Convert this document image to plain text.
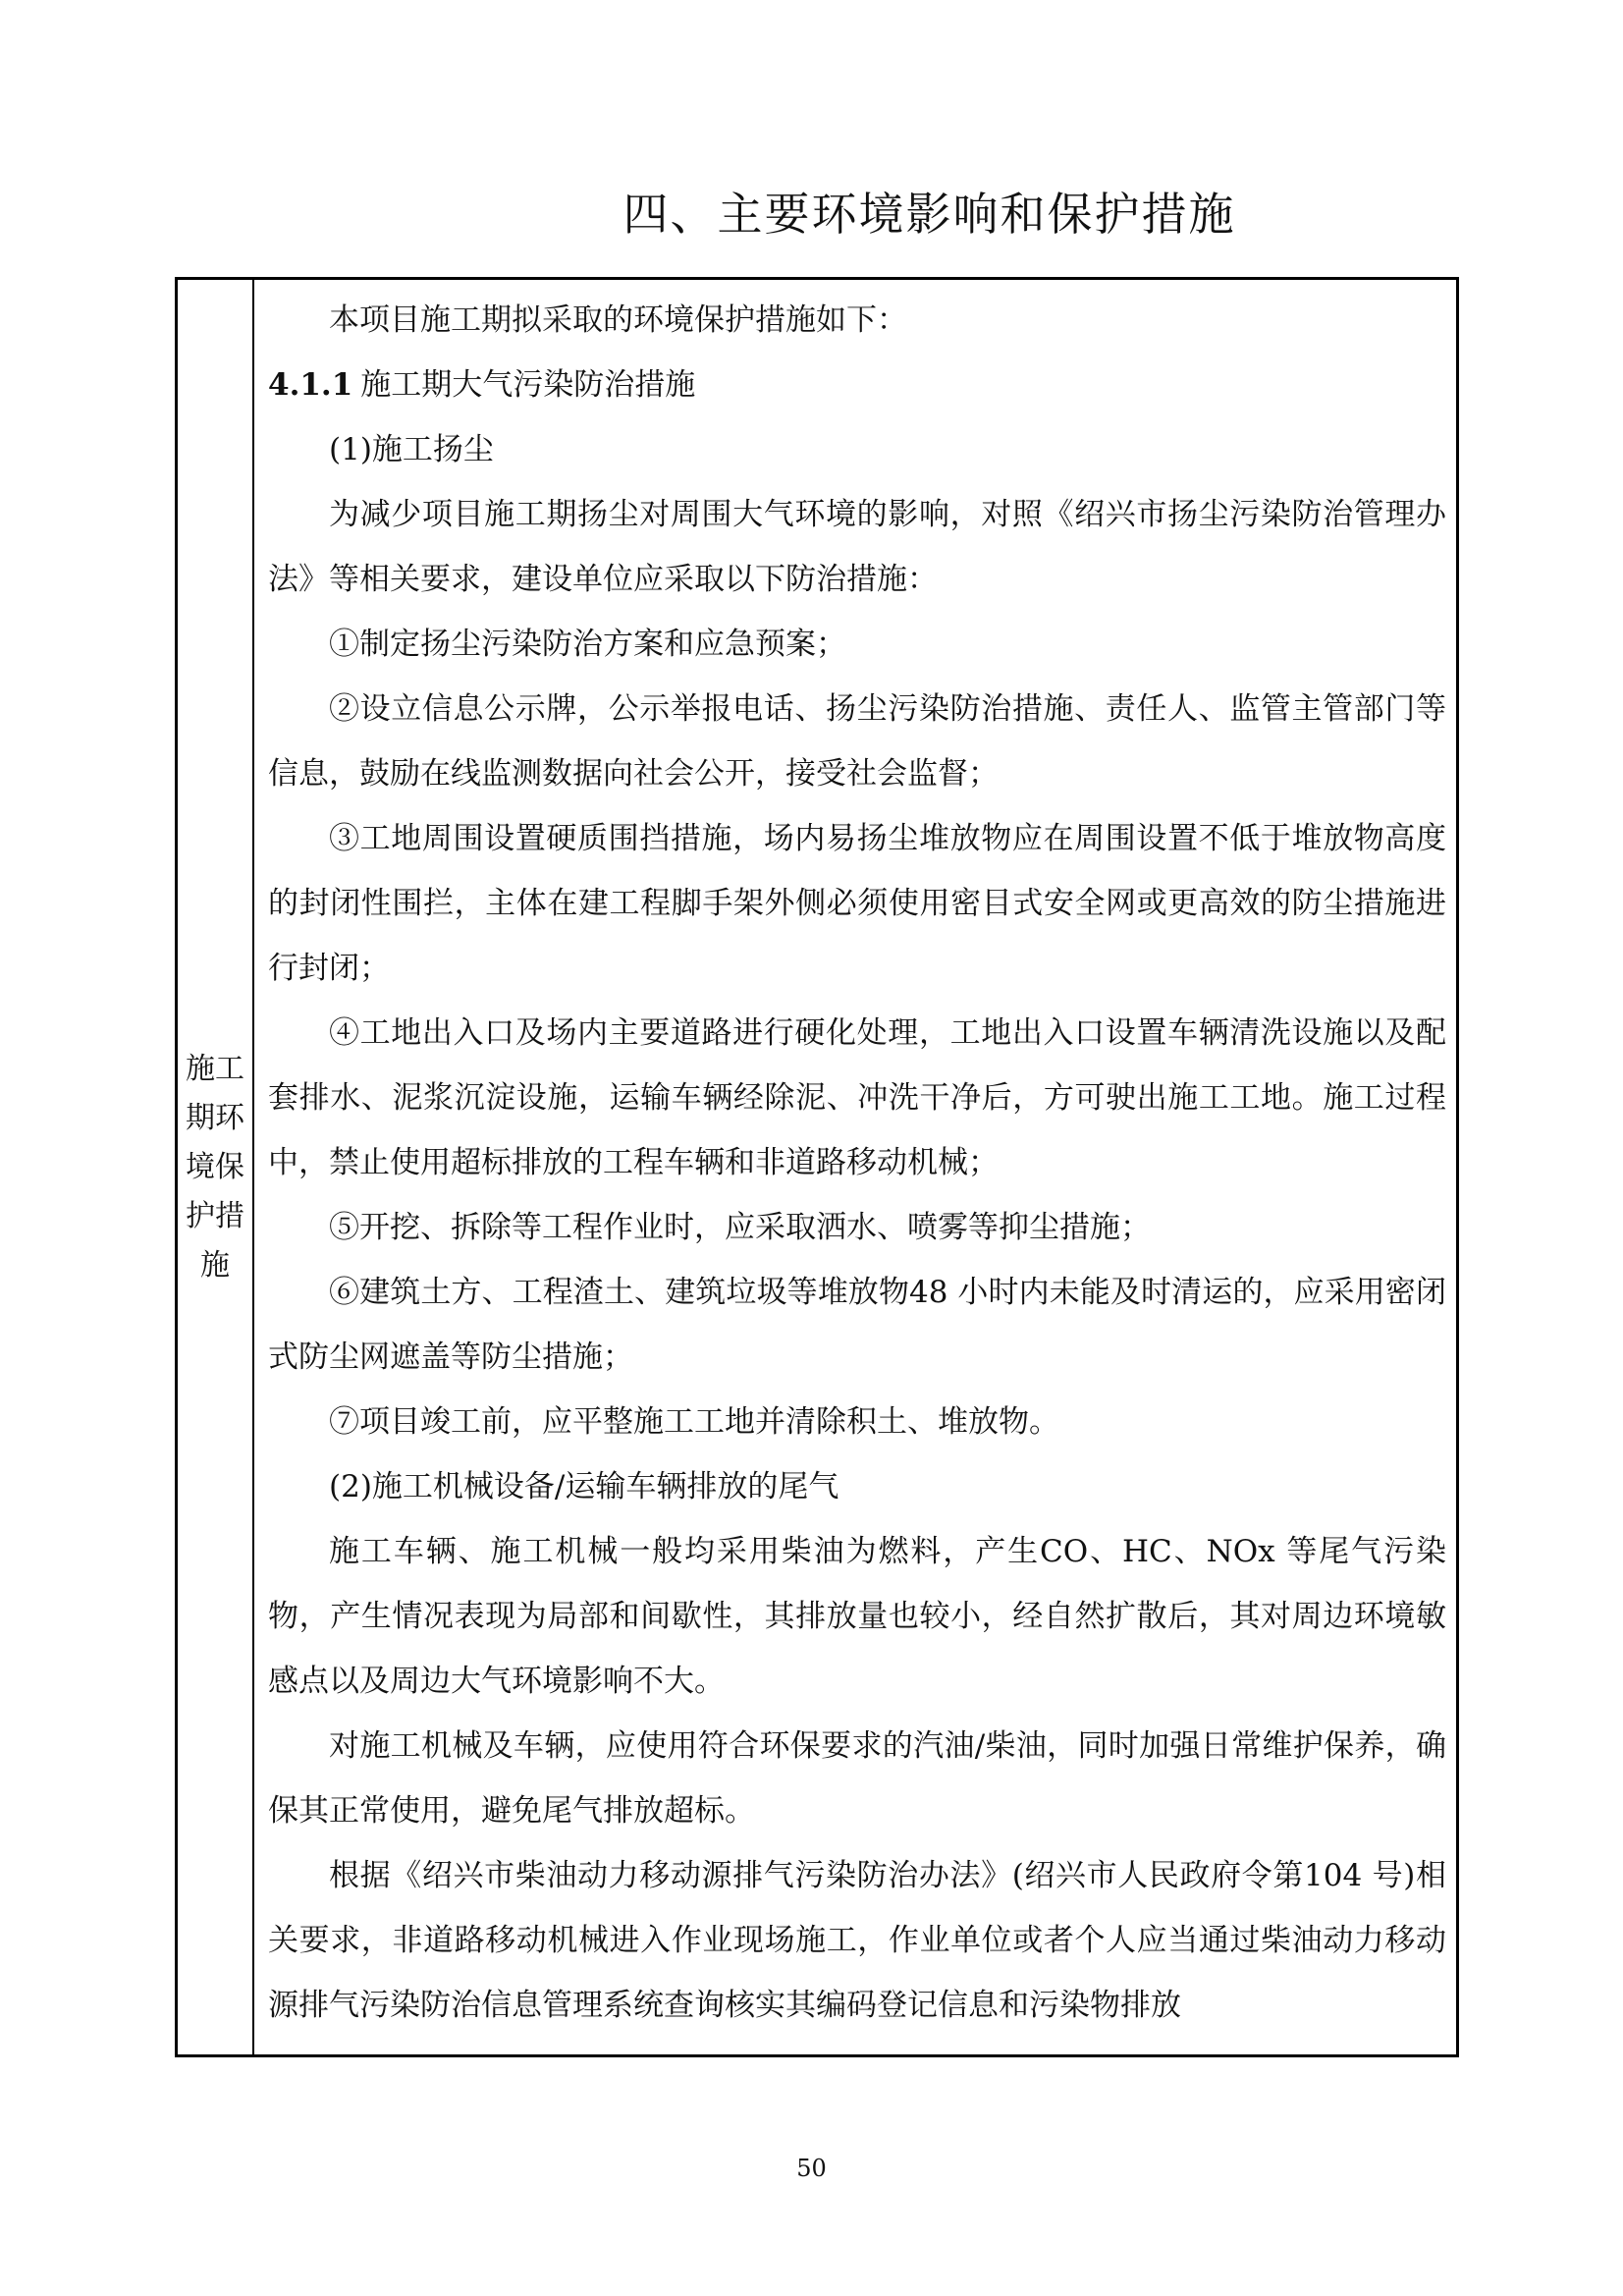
四、主要环境影响和保护措施
施工期环境保护措施

本项目施工期拟采取的环境保护措施如下：

4.1.1 施工期大气污染防治措施

(1)施工扬尘

为减少项目施工期扬尘对周围大气环境的影响，对照《绍兴市扬尘污染防治管理办法》等相关要求，建设单位应采取以下防治措施：

①制定扬尘污染防治方案和应急预案；

②设立信息公示牌，公示举报电话、扬尘污染防治措施、责任人、监管主管部门等信息，鼓励在线监测数据向社会公开，接受社会监督；

③工地周围设置硬质围挡措施，场内易扬尘堆放物应在周围设置不低于堆放物高度的封闭性围拦，主体在建工程脚手架外侧必须使用密目式安全网或更高效的防尘措施进行封闭；

④工地出入口及场内主要道路进行硬化处理，工地出入口设置车辆清洗设施以及配套排水、泥浆沉淀设施，运输车辆经除泥、冲洗干净后，方可驶出施工工地。施工过程中，禁止使用超标排放的工程车辆和非道路移动机械；

⑤开挖、拆除等工程作业时，应采取洒水、喷雾等抑尘措施；

⑥建筑土方、工程渣土、建筑垃圾等堆放物48 小时内未能及时清运的，应采用密闭式防尘网遮盖等防尘措施；

⑦项目竣工前，应平整施工工地并清除积土、堆放物。

(2)施工机械设备/运输车辆排放的尾气

施工车辆、施工机械一般均采用柴油为燃料，产生CO、HC、NOx 等尾气污染物，产生情况表现为局部和间歇性，其排放量也较小，经自然扩散后，其对周边环境敏感点以及周边大气环境影响不大。

对施工机械及车辆，应使用符合环保要求的汽油/柴油，同时加强日常维护保养，确保其正常使用，避免尾气排放超标。

根据《绍兴市柴油动力移动源排气污染防治办法》(绍兴市人民政府令第104 号)相关要求，非道路移动机械进入作业现场施工，作业单位或者个人应当通过柴油动力移动源排气污染防治信息管理系统查询核实其编码登记信息和污染物排放

50
